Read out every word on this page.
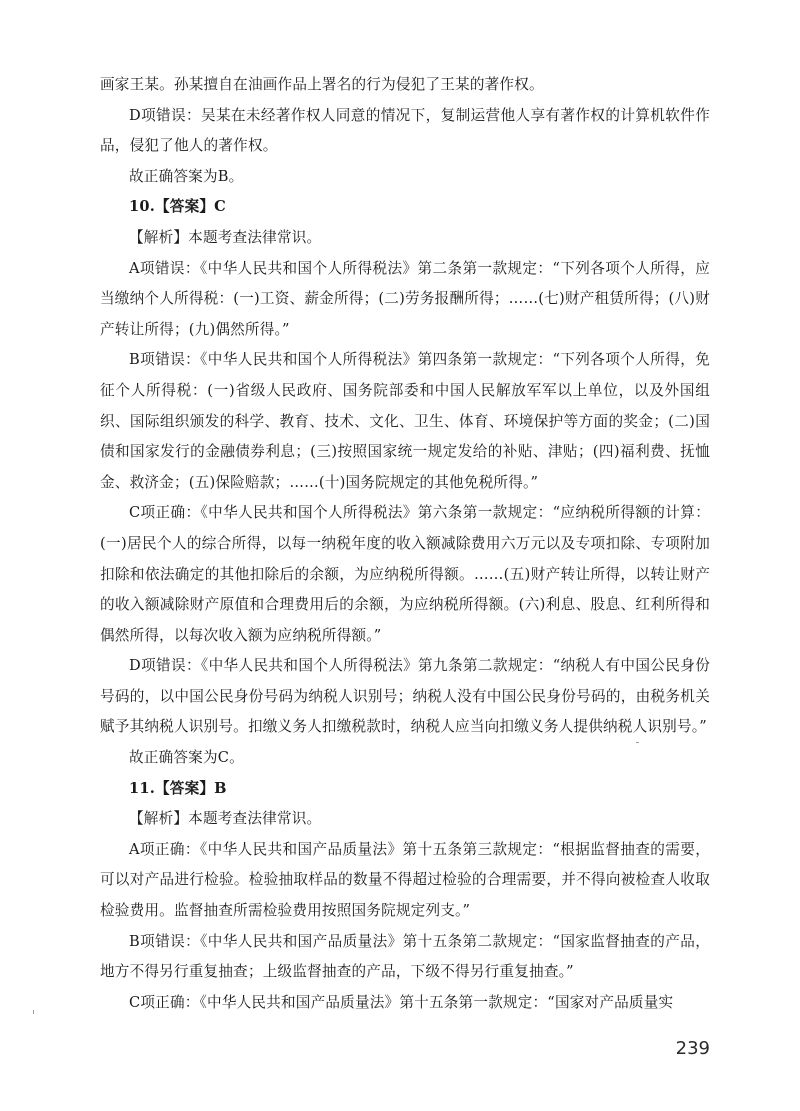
画家王某。孙某擅自在油画作品上署名的行为侵犯了王某的著作权。

D项错误：吴某在未经著作权人同意的情况下，复制运营他人享有著作权的计算机软件作品，侵犯了他人的著作权。

故正确答案为B。

10.【答案】C

【解析】本题考查法律常识。

A项错误：《中华人民共和国个人所得税法》第二条第一款规定：“下列各项个人所得，应当缴纳个人所得税：(一)工资、薪金所得；(二)劳务报酬所得；……(七)财产租赁所得；(八)财产转让所得；(九)偶然所得。”

B项错误：《中华人民共和国个人所得税法》第四条第一款规定：“下列各项个人所得，免征个人所得税：(一)省级人民政府、国务院部委和中国人民解放军军以上单位，以及外国组织、国际组织颁发的科学、教育、技术、文化、卫生、体育、环境保护等方面的奖金；(二)国债和国家发行的金融债券利息；(三)按照国家统一规定发给的补贴、津贴；(四)福利费、抚恤金、救济金；(五)保险赔款；……(十)国务院规定的其他免税所得。”

C项正确：《中华人民共和国个人所得税法》第六条第一款规定：“应纳税所得额的计算：(一)居民个人的综合所得，以每一纳税年度的收入额减除费用六万元以及专项扣除、专项附加扣除和依法确定的其他扣除后的余额，为应纳税所得额。……(五)财产转让所得，以转让财产的收入额减除财产原值和合理费用后的余额，为应纳税所得额。(六)利息、股息、红利所得和偶然所得，以每次收入额为应纳税所得额。”

D项错误：《中华人民共和国个人所得税法》第九条第二款规定：“纳税人有中国公民身份号码的，以中国公民身份号码为纳税人识别号；纳税人没有中国公民身份号码的，由税务机关赋予其纳税人识别号。扣缴义务人扣缴税款时，纳税人应当向扣缴义务人提供纳税人识别号。”

故正确答案为C。

11.【答案】B

【解析】本题考查法律常识。

A项正确：《中华人民共和国产品质量法》第十五条第三款规定：“根据监督抽查的需要，可以对产品进行检验。检验抽取样品的数量不得超过检验的合理需要，并不得向被检查人收取检验费用。监督抽查所需检验费用按照国务院规定列支。”

B项错误：《中华人民共和国产品质量法》第十五条第二款规定：“国家监督抽查的产品，地方不得另行重复抽查；上级监督抽查的产品，下级不得另行重复抽查。”

C项正确：《中华人民共和国产品质量法》第十五条第一款规定：“国家对产品质量实

239
